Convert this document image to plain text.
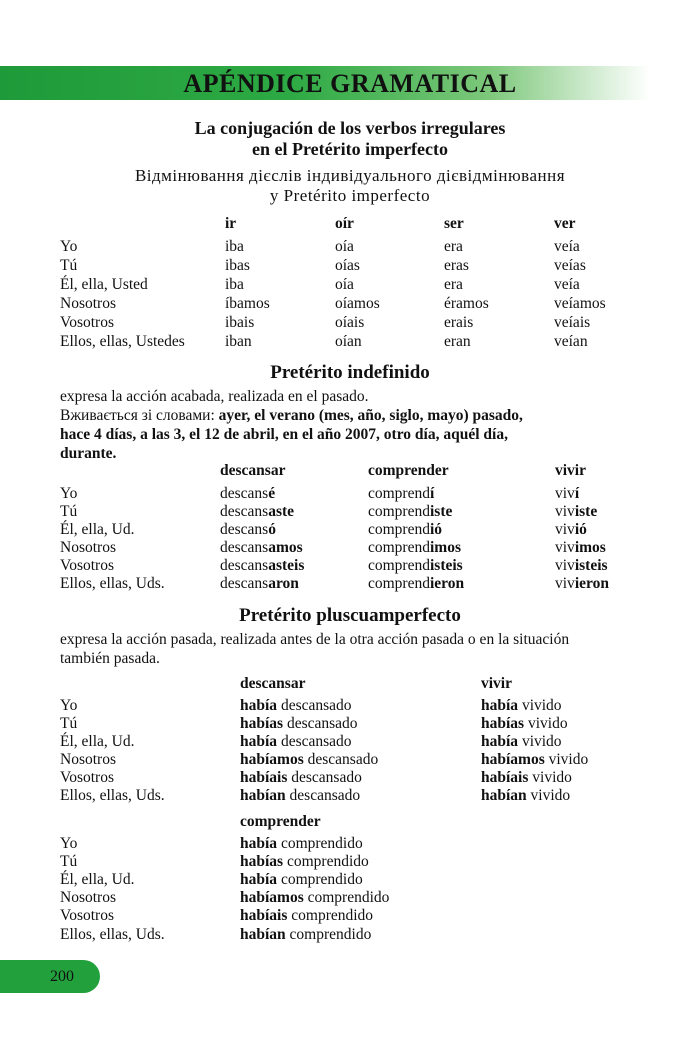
APÉNDICE GRAMATICAL
La conjugación de los verbos irregulares
en el Pretérito imperfecto
Відмінювання дієслів індивідуального дієвідмінювання
у Pretérito imperfecto
ir	oír	ser	ver
Yo	iba	oía	era	veía
Tú	ibas	oías	eras	veías
Él, ella, Usted	iba	oía	era	veía
Nosotros	íbamos	oíamos	éramos	veíamos
Vosotros	ibais	oíais	erais	veíais
Ellos, ellas, Ustedes	iban	oían	eran	veían
Pretérito indefinido
expresa la acción acabada, realizada en el pasado.
Вживається зі словами: ayer, el verano (mes, año, siglo, mayo) pasado,
hace 4 días, a las 3, el 12 de abril, en el año 2007, otro día, aquél día,
durante.
descansar	comprender	vivir
Yo	descansé	comprendí	viví
Tú	descansaste	comprendiste	viviste
Él, ella, Ud.	descansó	comprendió	vivió
Nosotros	descansamos	comprendimos	vivimos
Vosotros	descansasteis	comprendisteis	vivisteis
Ellos, ellas, Uds.	descansaron	comprendieron	vivieron
Pretérito pluscuamperfecto
expresa la acción pasada, realizada antes de la otra acción pasada o en la situación
también pasada.
descansar	vivir
Yo	había descansado	había vivido
Tú	habías descansado	habías vivido
Él, ella, Ud.	había descansado	había vivido
Nosotros	habíamos descansado	habíamos vivido
Vosotros	habíais descansado	habíais vivido
Ellos, ellas, Uds.	habían descansado	habían vivido
comprender
Yo	había comprendido
Tú	habías comprendido
Él, ella, Ud.	había comprendido
Nosotros	habíamos comprendido
Vosotros	habíais comprendido
Ellos, ellas, Uds.	habían comprendido
200
